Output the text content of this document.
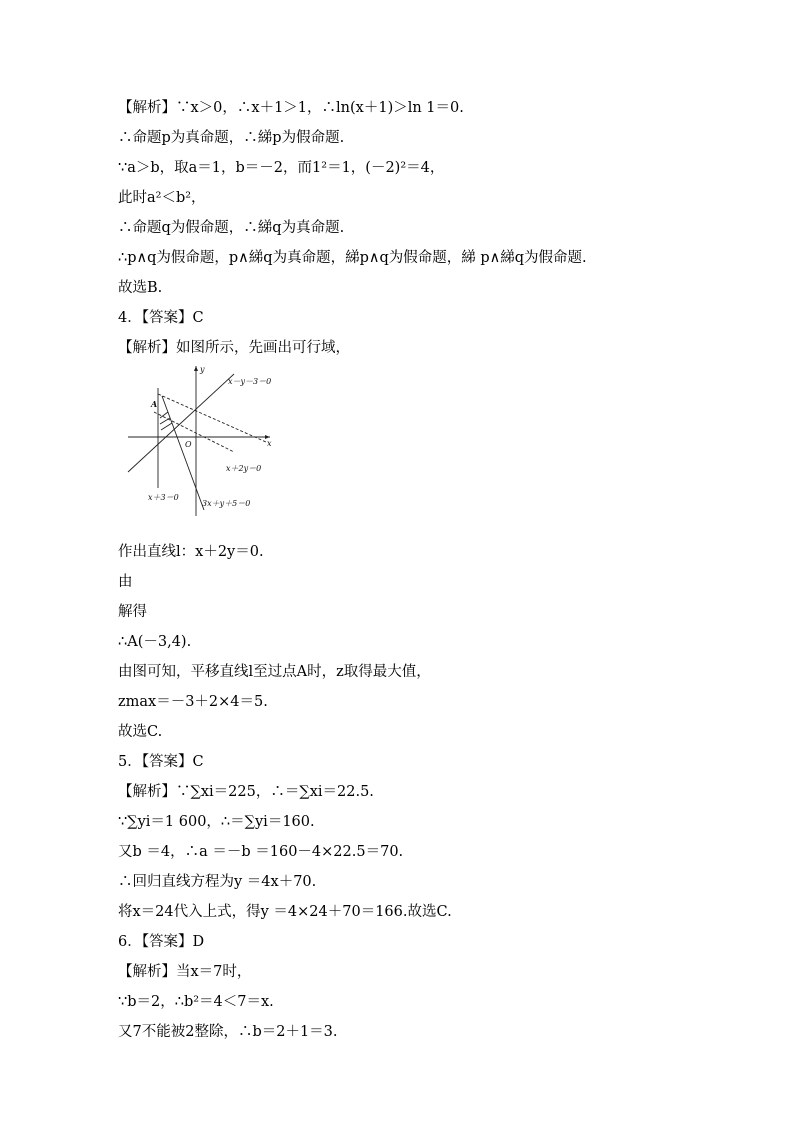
【解析】∵x＞0，∴x＋1＞1，∴ln(x＋1)＞ln 1＝0.
∴命题p为真命题，∴綈p为假命题.
∵a＞b，取a＝1，b＝－2，而1²＝1，(－2)²＝4，
此时a²＜b²，
∴命题q为假命题，∴綈q为真命题.
∴p∧q为假命题，p∧綈q为真命题，綈p∧q为假命题，綈 p∧綈q为假命题.
故选B.
4．【答案】C
【解析】如图所示，先画出可行域，
y
x
O
A
x－y－3＝0
x＋2y＝0
x＋3＝0
3x＋y＋5＝0
作出直线l：x＋2y＝0.
由
解得
∴A(－3,4).
由图可知，平移直线l至过点A时，z取得最大值，
zmax＝－3＋2×4＝5.
故选C.
5．【答案】C
【解析】∵∑xi＝225，∴＝∑xi＝22.5.
∵∑yi＝1 600，∴＝∑yi＝160.
又b ＝4，∴a ＝－b ＝160－4×22.5＝70.
∴回归直线方程为y ＝4x＋70.
将x＝24代入上式，得y ＝4×24＋70＝166.故选C.
6．【答案】D
【解析】当x＝7时，
∵b＝2，∴b²＝4＜7＝x.
又7不能被2整除，∴b＝2＋1＝3.
